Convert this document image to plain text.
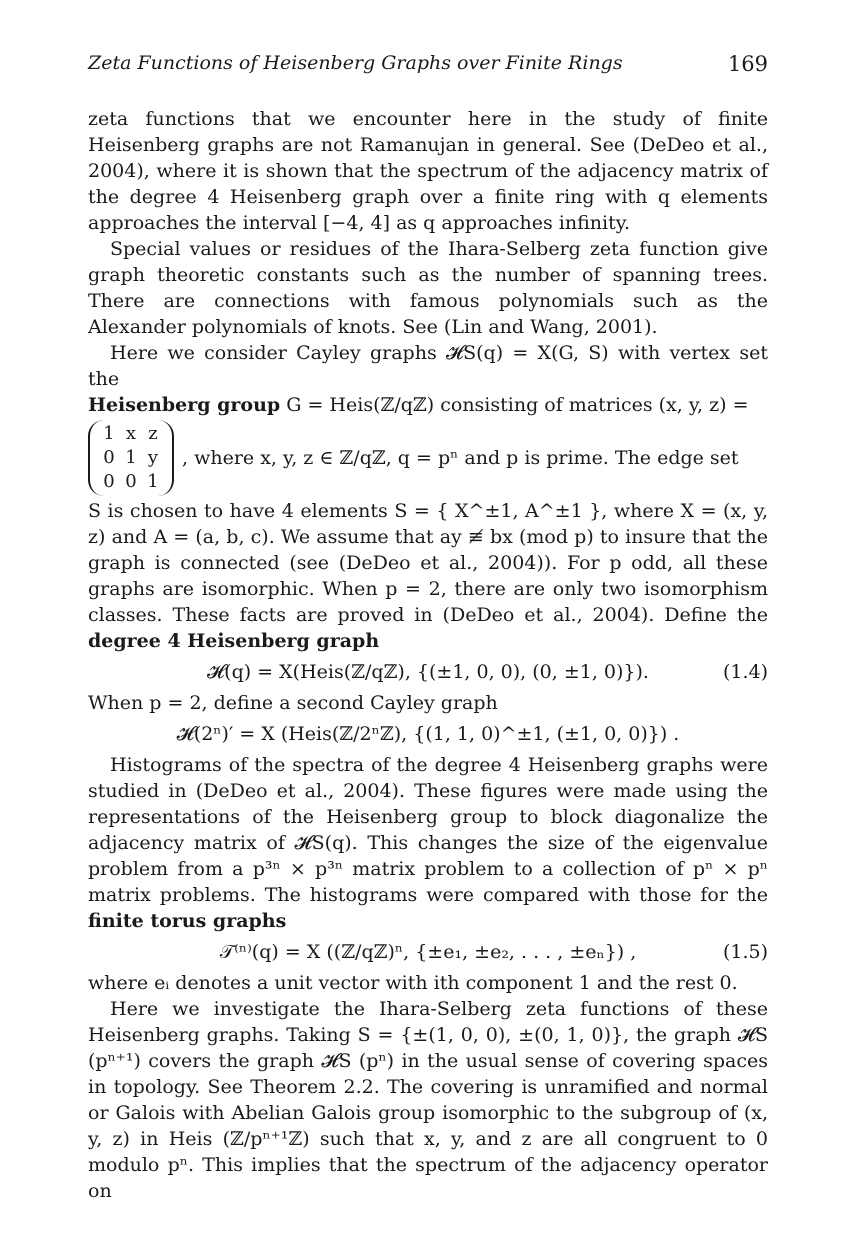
Zeta Functions of Heisenberg Graphs over Finite Rings	169

zeta functions that we encounter here in the study of finite Heisenberg graphs are not Ramanujan in general. See (DeDeo et al., 2004), where it is shown that the spectrum of the adjacency matrix of the degree 4 Heisenberg graph over a finite ring with q elements approaches the interval [−4, 4] as q approaches infinity.

Special values or residues of the Ihara-Selberg zeta function give graph theoretic constants such as the number of spanning trees. There are connections with famous polynomials such as the Alexander polynomials of knots. See (Lin and Wang, 2001).

Here we consider Cayley graphs 𝓗S(q) = X(G, S) with vertex set the

Heisenberg group G = Heis(ℤ/qℤ) consisting of matrices (x, y, z) =

1 x z
0 1 y
0 0 1
, where x, y, z ∈ ℤ/qℤ, q = pⁿ and p is prime. The edge set

S is chosen to have 4 elements S = { X^±1, A^±1 }, where X = (x, y, z) and A = (a, b, c). We assume that ay ≢ bx (mod p) to insure that the graph is connected (see (DeDeo et al., 2004)). For p odd, all these graphs are isomorphic. When p = 2, there are only two isomorphism classes. These facts are proved in (DeDeo et al., 2004). Define the degree 4 Heisenberg graph

𝓗(q) = X(Heis(ℤ/qℤ), {(±1, 0, 0), (0, ±1, 0)}).	(1.4)

When p = 2, define a second Cayley graph

𝓗(2ⁿ)′ = X (Heis(ℤ/2ⁿℤ), {(1, 1, 0)^±1, (±1, 0, 0)}) .

Histograms of the spectra of the degree 4 Heisenberg graphs were studied in (DeDeo et al., 2004). These figures were made using the representations of the Heisenberg group to block diagonalize the adjacency matrix of 𝓗S(q). This changes the size of the eigenvalue problem from a p³ⁿ × p³ⁿ matrix problem to a collection of pⁿ × pⁿ matrix problems. The histograms were compared with those for the finite torus graphs

𝒯⁽ⁿ⁾(q) = X ((ℤ/qℤ)ⁿ, {±e₁, ±e₂, . . . , ±eₙ}) ,	(1.5)

where eᵢ denotes a unit vector with ith component 1 and the rest 0.

Here we investigate the Ihara-Selberg zeta functions of these Heisenberg graphs. Taking S = {±(1, 0, 0), ±(0, 1, 0)}, the graph 𝓗S (pⁿ⁺¹) covers the graph 𝓗S (pⁿ) in the usual sense of covering spaces in topology. See Theorem 2.2. The covering is unramified and normal or Galois with Abelian Galois group isomorphic to the subgroup of (x, y, z) in Heis (ℤ/pⁿ⁺¹ℤ) such that x, y, and z are all congruent to 0 modulo pⁿ. This implies that the spectrum of the adjacency operator on
